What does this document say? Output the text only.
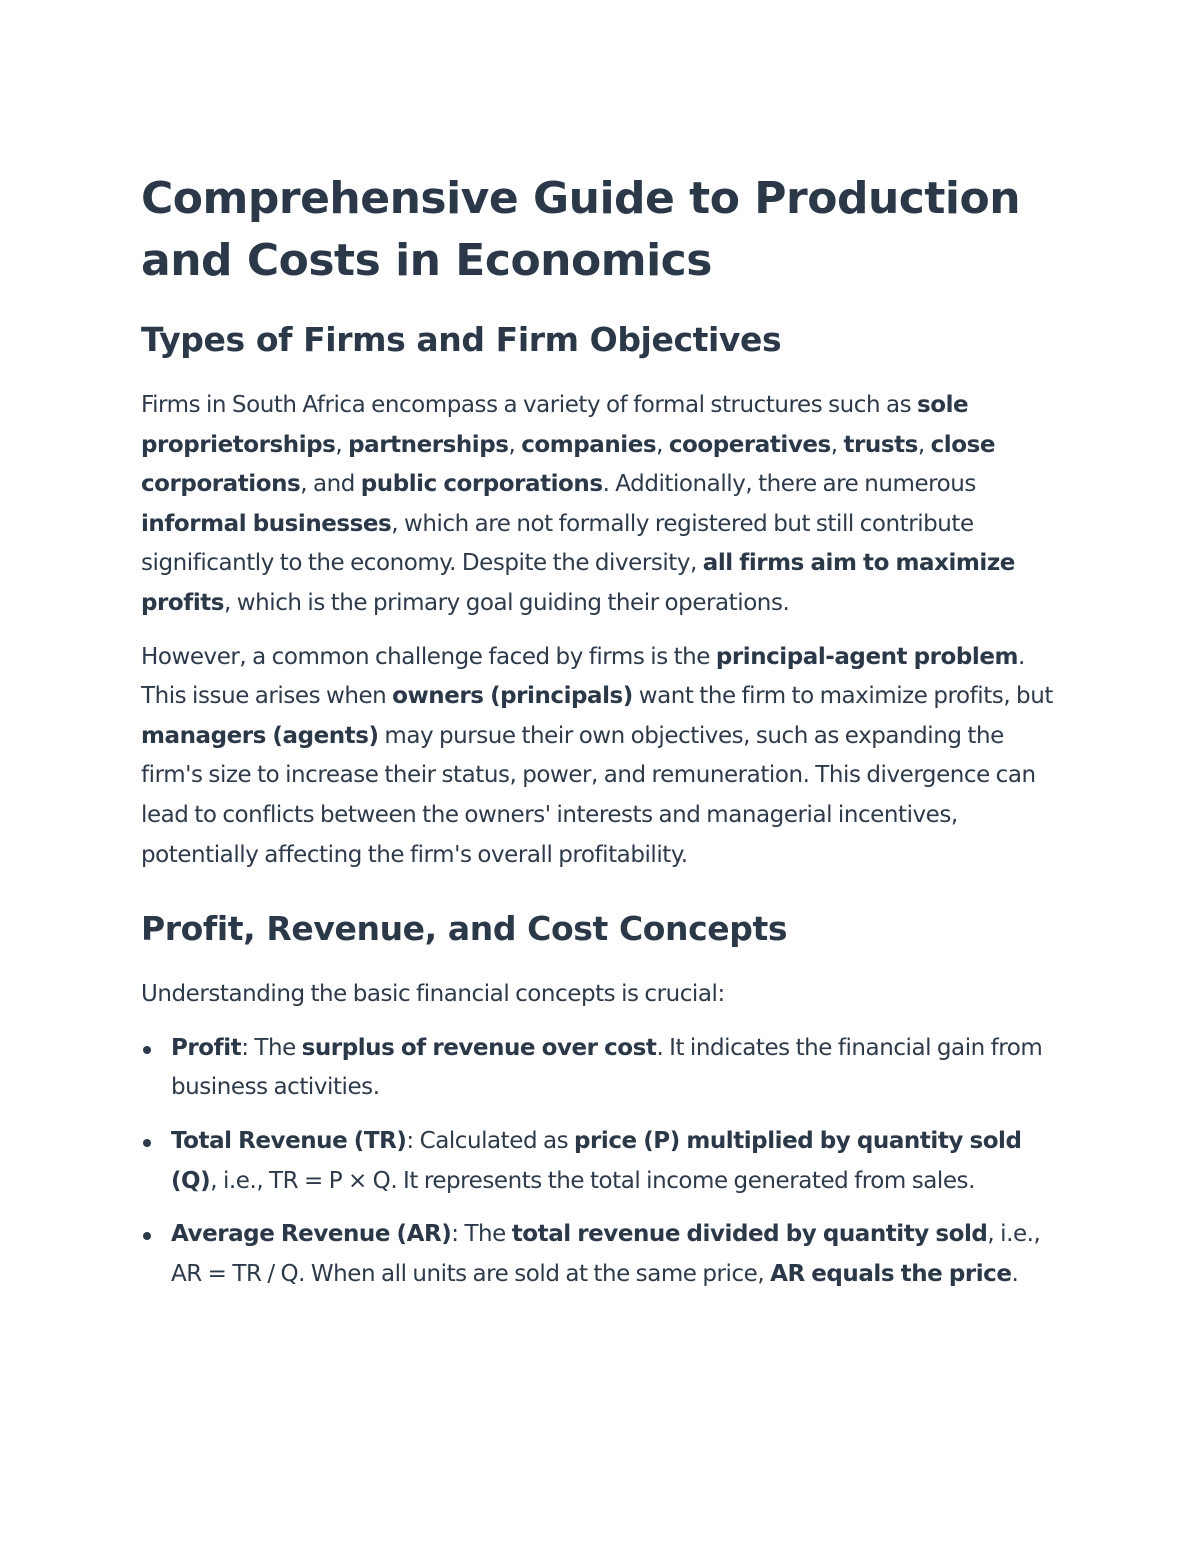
Comprehensive Guide to Production and Costs in Economics
Types of Firms and Firm Objectives

Firms in South Africa encompass a variety of formal structures such as sole proprietorships, partnerships, companies, cooperatives, trusts, close corporations, and public corporations. Additionally, there are numerous informal businesses, which are not formally registered but still contribute significantly to the economy. Despite the diversity, all firms aim to maximize profits, which is the primary goal guiding their operations.

However, a common challenge faced by firms is the principal-agent problem. This issue arises when owners (principals) want the firm to maximize profits, but managers (agents) may pursue their own objectives, such as expanding the firm's size to increase their status, power, and remuneration. This divergence can lead to conflicts between the owners' interests and managerial incentives, potentially affecting the firm's overall profitability.

Profit, Revenue, and Cost Concepts

Understanding the basic financial concepts is crucial:

Profit: The surplus of revenue over cost. It indicates the financial gain from business activities.
Total Revenue (TR): Calculated as price (P) multiplied by quantity sold (Q), i.e., TR = P × Q. It represents the total income generated from sales.
Average Revenue (AR): The total revenue divided by quantity sold, i.e., AR = TR / Q. When all units are sold at the same price, AR equals the price.
